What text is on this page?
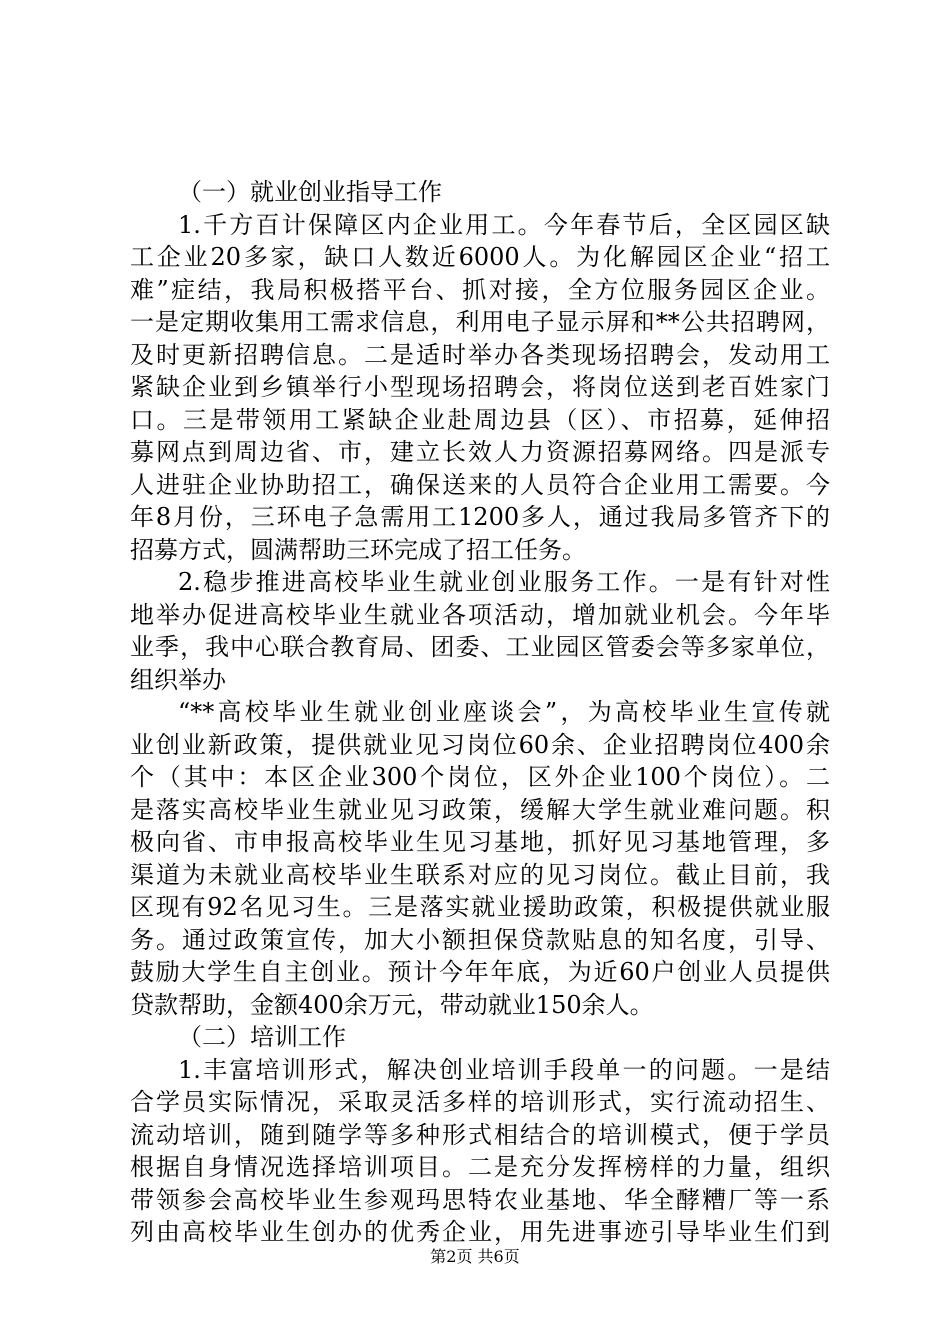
（一）就业创业指导工作
1.千方百计保障区内企业用工。今年春节后，全区园区缺
工企业20多家，缺口人数近6000人。为化解园区企业“招工
难”症结，我局积极搭平台、抓对接，全方位服务园区企业。
一是定期收集用工需求信息，利用电子显示屏和**公共招聘网，
及时更新招聘信息。二是适时举办各类现场招聘会，发动用工
紧缺企业到乡镇举行小型现场招聘会，将岗位送到老百姓家门
口。三是带领用工紧缺企业赴周边县（区）、市招募，延伸招
募网点到周边省、市，建立长效人力资源招募网络。四是派专
人进驻企业协助招工，确保送来的人员符合企业用工需要。今
年8月份，三环电子急需用工1200多人，通过我局多管齐下的
招募方式，圆满帮助三环完成了招工任务。
2.稳步推进高校毕业生就业创业服务工作。一是有针对性
地举办促进高校毕业生就业各项活动，增加就业机会。今年毕
业季，我中心联合教育局、团委、工业园区管委会等多家单位，
组织举办
“**高校毕业生就业创业座谈会”，为高校毕业生宣传就
业创业新政策，提供就业见习岗位60余、企业招聘岗位400余
个（其中：本区企业300个岗位，区外企业100个岗位）。二
是落实高校毕业生就业见习政策，缓解大学生就业难问题。积
极向省、市申报高校毕业生见习基地，抓好见习基地管理，多
渠道为未就业高校毕业生联系对应的见习岗位。截止目前，我
区现有92名见习生。三是落实就业援助政策，积极提供就业服
务。通过政策宣传，加大小额担保贷款贴息的知名度，引导、
鼓励大学生自主创业。预计今年年底，为近60户创业人员提供
贷款帮助，金额400余万元，带动就业150余人。
（二）培训工作
1.丰富培训形式，解决创业培训手段单一的问题。一是结
合学员实际情况，采取灵活多样的培训形式，实行流动招生、
流动培训，随到随学等多种形式相结合的培训模式，便于学员
根据自身情况选择培训项目。二是充分发挥榜样的力量，组织
带领参会高校毕业生参观玛思特农业基地、华全酵糟厂等一系
列由高校毕业生创办的优秀企业，用先进事迹引导毕业生们到
第2页 共6页
